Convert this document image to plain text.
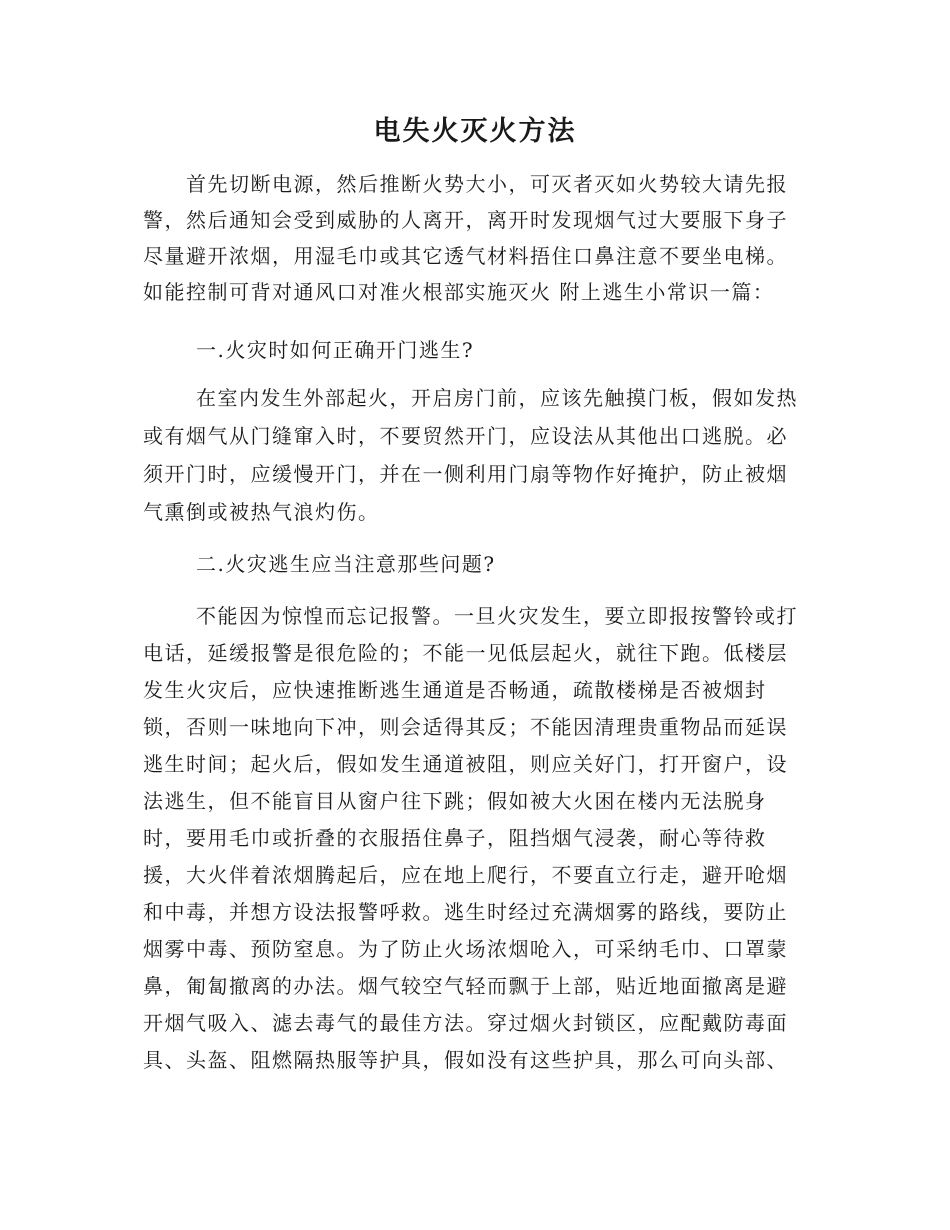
电失火灭火方法

首先切断电源，然后推断火势大小，可灭者灭如火势较大请先报

警，然后通知会受到威胁的人离开，离开时发现烟气过大要服下身子

尽量避开浓烟，用湿毛巾或其它透气材料捂住口鼻注意不要坐电梯。

如能控制可背对通风口对准火根部实施灭火 附上逃生小常识一篇：

一.火灾时如何正确开门逃生?

在室内发生外部起火，开启房门前，应该先触摸门板，假如发热

或有烟气从门缝窜入时，不要贸然开门，应设法从其他出口逃脱。必

须开门时，应缓慢开门，并在一侧利用门扇等物作好掩护，防止被烟

气熏倒或被热气浪灼伤。

二.火灾逃生应当注意那些问题?

不能因为惊惶而忘记报警。一旦火灾发生，要立即报按警铃或打

电话，延缓报警是很危险的；不能一见低层起火，就往下跑。低楼层

发生火灾后，应快速推断逃生通道是否畅通，疏散楼梯是否被烟封

锁，否则一味地向下冲，则会适得其反；不能因清理贵重物品而延误

逃生时间；起火后，假如发生通道被阻，则应关好门，打开窗户，设

法逃生，但不能盲目从窗户往下跳；假如被大火困在楼内无法脱身

时，要用毛巾或折叠的衣服捂住鼻子，阻挡烟气浸袭，耐心等待救

援，大火伴着浓烟腾起后，应在地上爬行，不要直立行走，避开呛烟

和中毒，并想方设法报警呼救。逃生时经过充满烟雾的路线，要防止

烟雾中毒、预防窒息。为了防止火场浓烟呛入，可采纳毛巾、口罩蒙

鼻，匍匐撤离的办法。烟气较空气轻而飘于上部，贴近地面撤离是避

开烟气吸入、滤去毒气的最佳方法。穿过烟火封锁区，应配戴防毒面

具、头盔、阻燃隔热服等护具，假如没有这些护具，那么可向头部、
